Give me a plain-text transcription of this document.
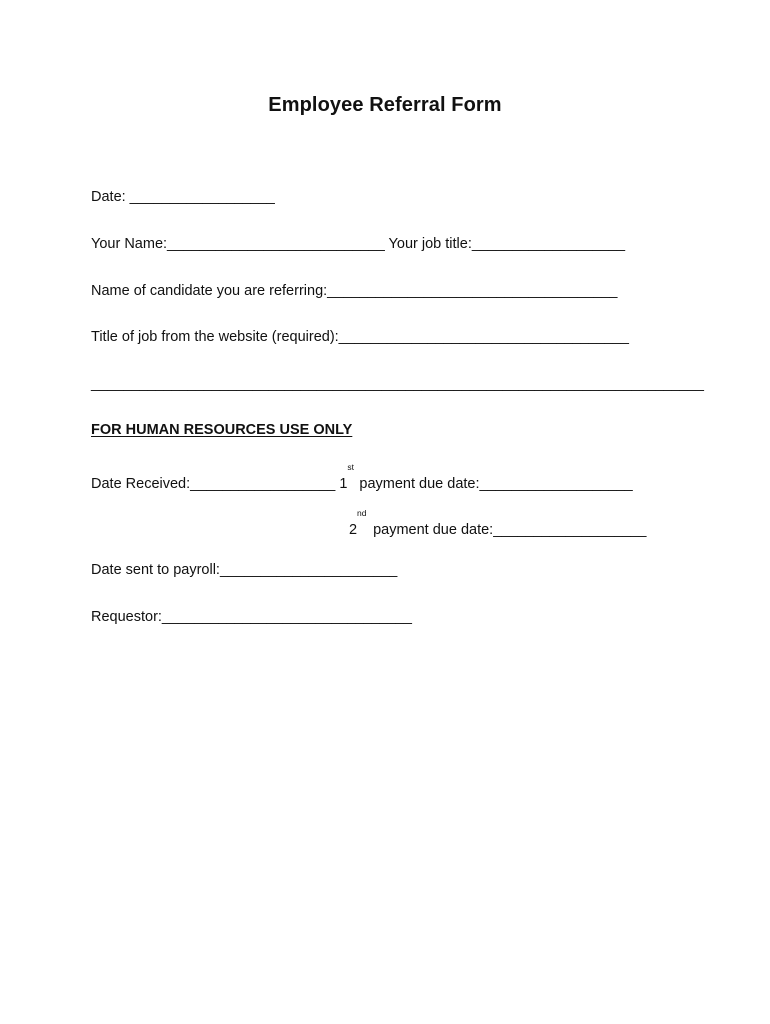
Employee Referral Form
Date: __________________
Your Name:___________________________ Your job title:___________________
Name of candidate you are referring:____________________________________
Title of job from the website (required):____________________________________
____________________________________________________________________________
FOR HUMAN RESOURCES USE ONLY
Date Received:__________________ 1
st
payment due date:___________________
2
nd
payment due date:___________________
Date sent to payroll:______________________
Requestor:_______________________________
